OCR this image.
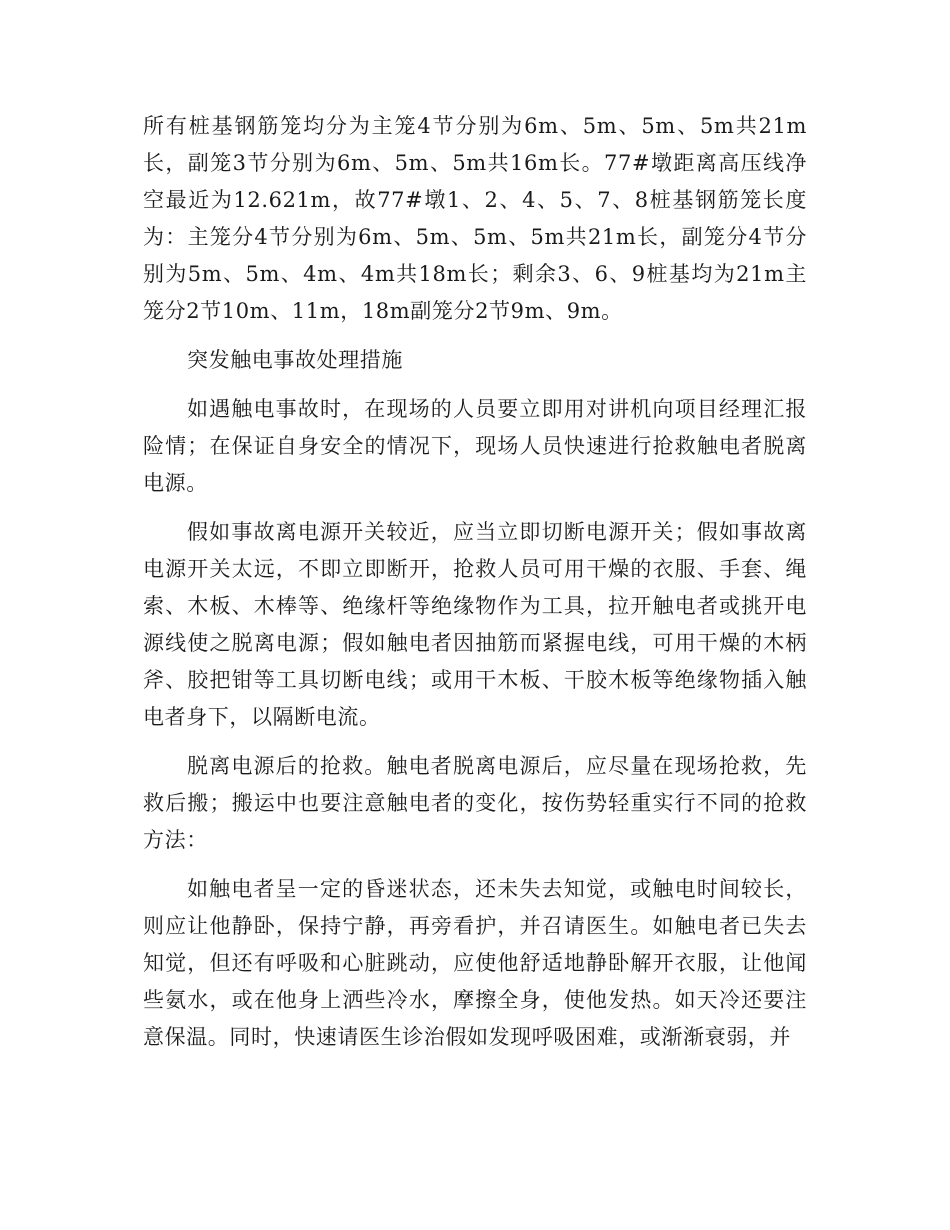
所有桩基钢筋笼均分为主笼4节分别为6m、5m、5m、5m共21m长，副笼3节分别为6m、5m、5m共16m长。77#墩距离高压线净空最近为12.621m，故77#墩1、2、4、5、7、8桩基钢筋笼长度为：主笼分4节分别为6m、5m、5m、5m共21m长，副笼分4节分别为5m、5m、4m、4m共18m长；剩余3、6、9桩基均为21m主笼分2节10m、11m，18m副笼分2节9m、9m。

突发触电事故处理措施

如遇触电事故时，在现场的人员要立即用对讲机向项目经理汇报险情；在保证自身安全的情况下，现场人员快速进行抢救触电者脱离电源。

假如事故离电源开关较近，应当立即切断电源开关；假如事故离电源开关太远，不即立即断开，抢救人员可用干燥的衣服、手套、绳索、木板、木棒等、绝缘杆等绝缘物作为工具，拉开触电者或挑开电源线使之脱离电源；假如触电者因抽筋而紧握电线，可用干燥的木柄斧、胶把钳等工具切断电线；或用干木板、干胶木板等绝缘物插入触电者身下，以隔断电流。

脱离电源后的抢救。触电者脱离电源后，应尽量在现场抢救，先救后搬；搬运中也要注意触电者的变化，按伤势轻重实行不同的抢救方法：

如触电者呈一定的昏迷状态，还未失去知觉，或触电时间较长，则应让他静卧，保持宁静，再旁看护，并召请医生。如触电者已失去知觉，但还有呼吸和心脏跳动，应使他舒适地静卧解开衣服，让他闻些氨水，或在他身上洒些冷水，摩擦全身，使他发热。如天冷还要注意保温。同时，快速请医生诊治假如发现呼吸困难，或渐渐衰弱，并
